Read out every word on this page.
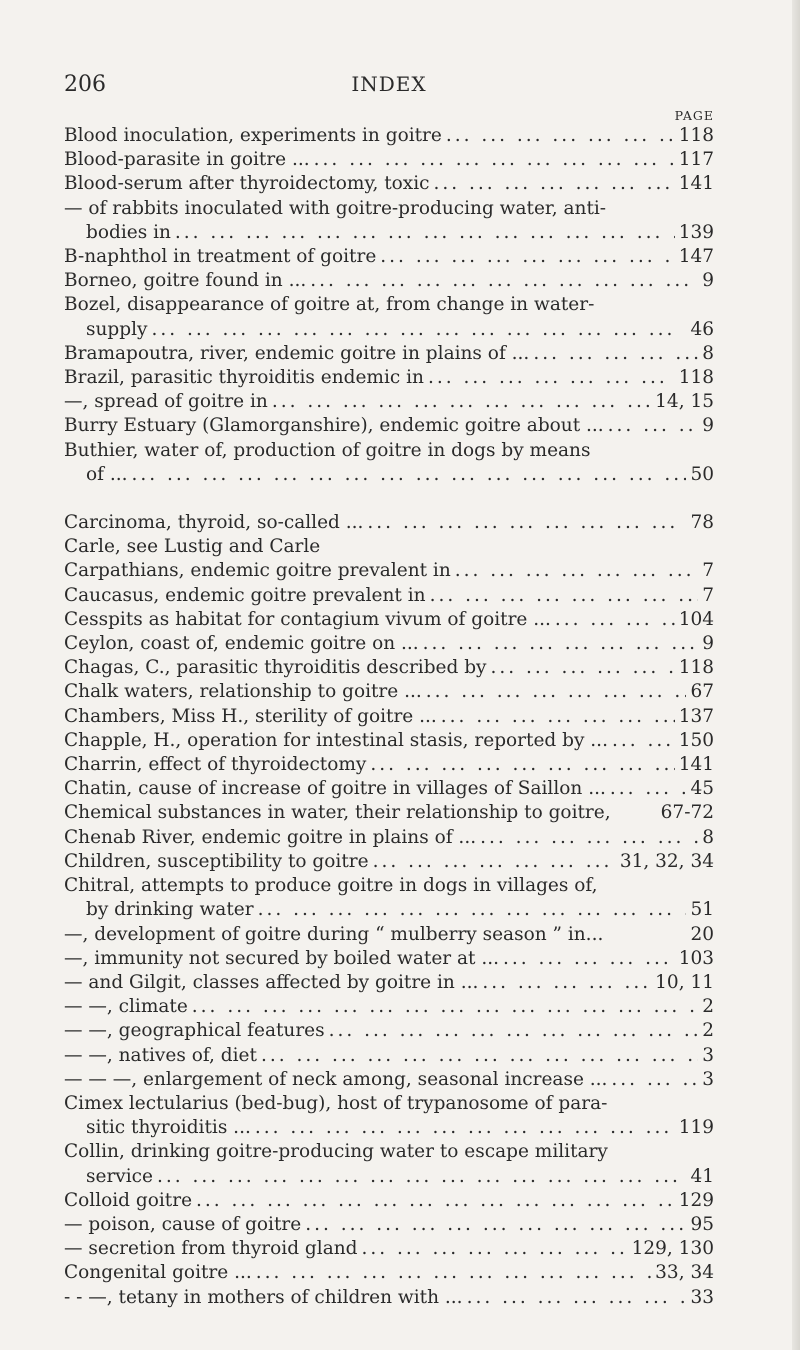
206	INDEX
PAGE
Blood inoculation, experiments in goitre ... .	118
Blood-parasite in goitre ... ... .	117
Blood-serum after thyroidectomy, toxic ... .	141
— of rabbits inoculated with goitre-producing water, anti-
bodies in ... .	139
B-naphthol in treatment of goitre ... .	147
Borneo, goitre found in ... ... .	9
Bozel, disappearance of goitre at, from change in water-
supply ... .	46
Bramapoutra, river, endemic goitre in plains of ... ... .	8
Brazil, parasitic thyroiditis endemic in ... .	118
—, spread of goitre in ... .	14, 15
Burry Estuary (Glamorganshire), endemic goitre about ... ... .	9
Buthier, water of, production of goitre in dogs by means
of ... ... .	50
Carcinoma, thyroid, so-called ... ... .	78
Carle, see Lustig and Carle
Carpathians, endemic goitre prevalent in ... .	7
Caucasus, endemic goitre prevalent in ... .	7
Cesspits as habitat for contagium vivum of goitre ... ... .	104
Ceylon, coast of, endemic goitre on ... ... .	9
Chagas, C., parasitic thyroiditis described by ... .	118
Chalk waters, relationship to goitre ... ... .	67
Chambers, Miss H., sterility of goitre ... ... .	137
Chapple, H., operation for intestinal stasis, reported by ... ... .	150
Charrin, effect of thyroidectomy ... .	141
Chatin, cause of increase of goitre in villages of Saillon ... ... .	45
Chemical substances in water, their relationship to goitre,	67-72
Chenab River, endemic goitre in plains of ... ... .	8
Children, susceptibility to goitre ... .	31, 32, 34
Chitral, attempts to produce goitre in dogs in villages of,
by drinking water ... .	51
—, development of goitre during “ mulberry season ” in...	20
—, immunity not secured by boiled water at ... ... .	103
— and Gilgit, classes affected by goitre in ... ... .	10, 11
— —, climate ... .	2
— —, geographical features ... .	2
— —, natives of, diet ... .	3
— — —, enlargement of neck among, seasonal increase ... ... .	3
Cimex lectularius (bed-bug), host of trypanosome of para-
sitic thyroiditis ... ... .	119
Collin, drinking goitre-producing water to escape military
service ... .	41
Colloid goitre ... .	129
— poison, cause of goitre ... .	95
— secretion from thyroid gland ... .	129, 130
Congenital goitre ... ... .	33, 34
- - —, tetany in mothers of children with ... ... .	33
